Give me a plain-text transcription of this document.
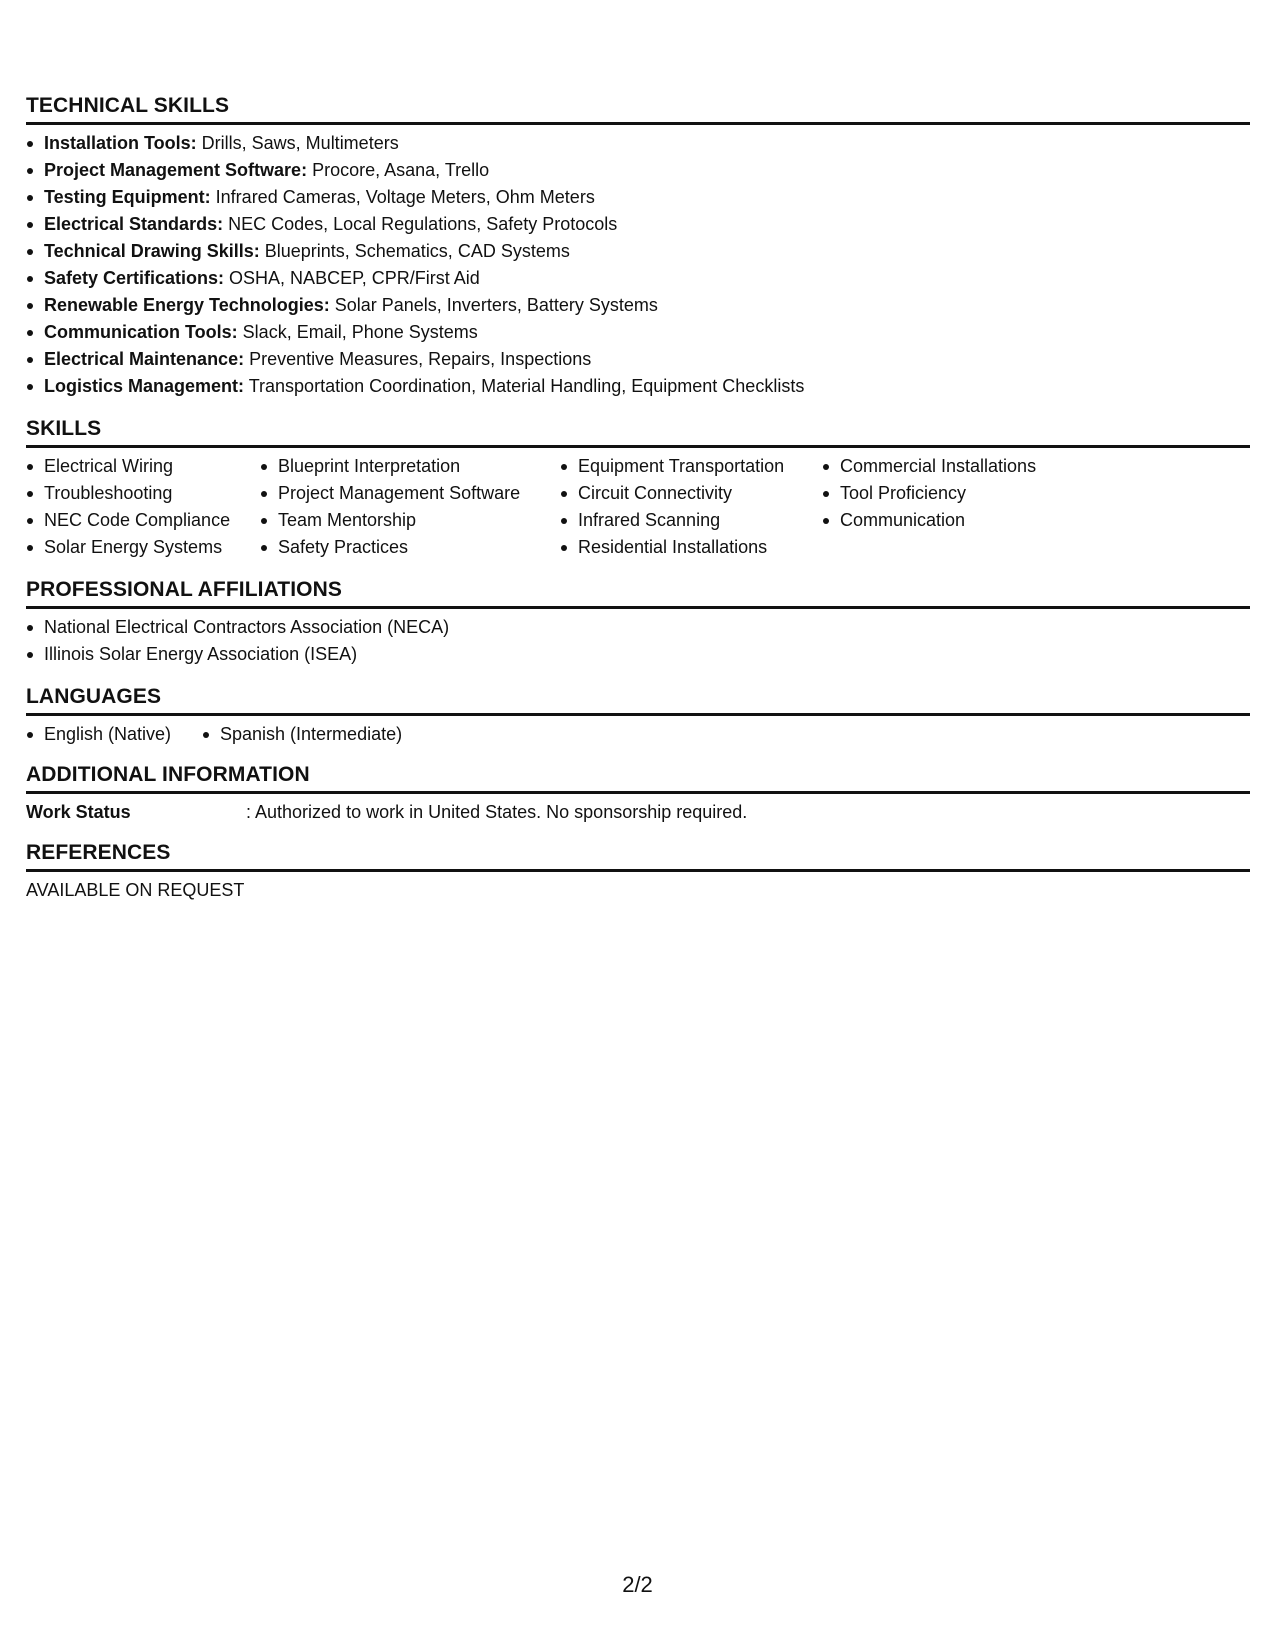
TECHNICAL SKILLS
Installation Tools: Drills, Saws, Multimeters
Project Management Software: Procore, Asana, Trello
Testing Equipment: Infrared Cameras, Voltage Meters, Ohm Meters
Electrical Standards: NEC Codes, Local Regulations, Safety Protocols
Technical Drawing Skills: Blueprints, Schematics, CAD Systems
Safety Certifications: OSHA, NABCEP, CPR/First Aid
Renewable Energy Technologies: Solar Panels, Inverters, Battery Systems
Communication Tools: Slack, Email, Phone Systems
Electrical Maintenance: Preventive Measures, Repairs, Inspections
Logistics Management: Transportation Coordination, Material Handling, Equipment Checklists
SKILLS
Electrical Wiring
Troubleshooting
NEC Code Compliance
Solar Energy Systems
Blueprint Interpretation
Project Management Software
Team Mentorship
Safety Practices
Equipment Transportation
Circuit Connectivity
Infrared Scanning
Residential Installations
Commercial Installations
Tool Proficiency
Communication
PROFESSIONAL AFFILIATIONS
National Electrical Contractors Association (NECA)
Illinois Solar Energy Association (ISEA)
LANGUAGES
English (Native)	Spanish (Intermediate)
ADDITIONAL INFORMATION
Work Status	: Authorized to work in United States. No sponsorship required.
REFERENCES
AVAILABLE ON REQUEST
2/2
